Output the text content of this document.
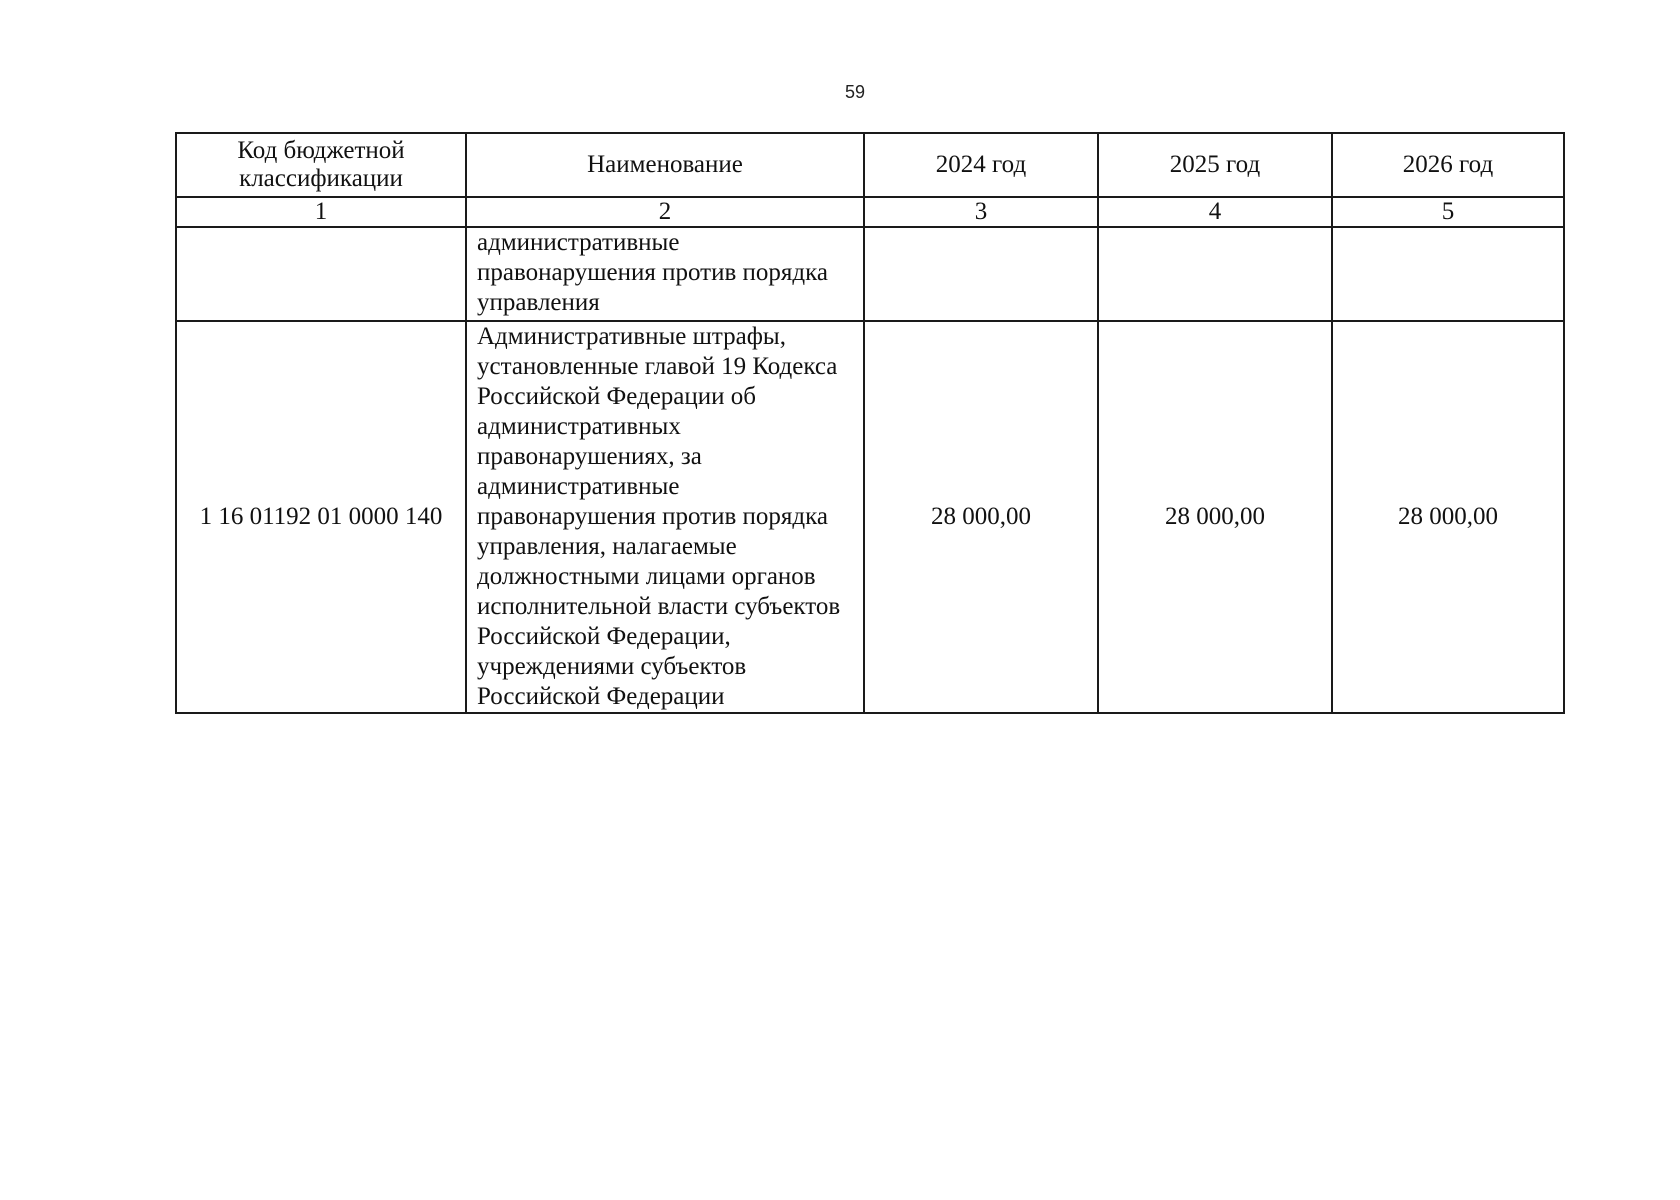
59
Код бюджетной классификации	Наименование	2024 год	2025 год	2026 год
1	2	3	4	5
	административные правонарушения против порядка управления			
1 16 01192 01 0000 140	Административные штрафы, установленные главой 19 Кодекса Российской Федерации об административных правонарушениях, за административные правонарушения против порядка управления, налагаемые должностными лицами органов исполнительной власти субъектов Российской Федерации, учреждениями субъектов Российской Федерации	28 000,00	28 000,00	28 000,00
